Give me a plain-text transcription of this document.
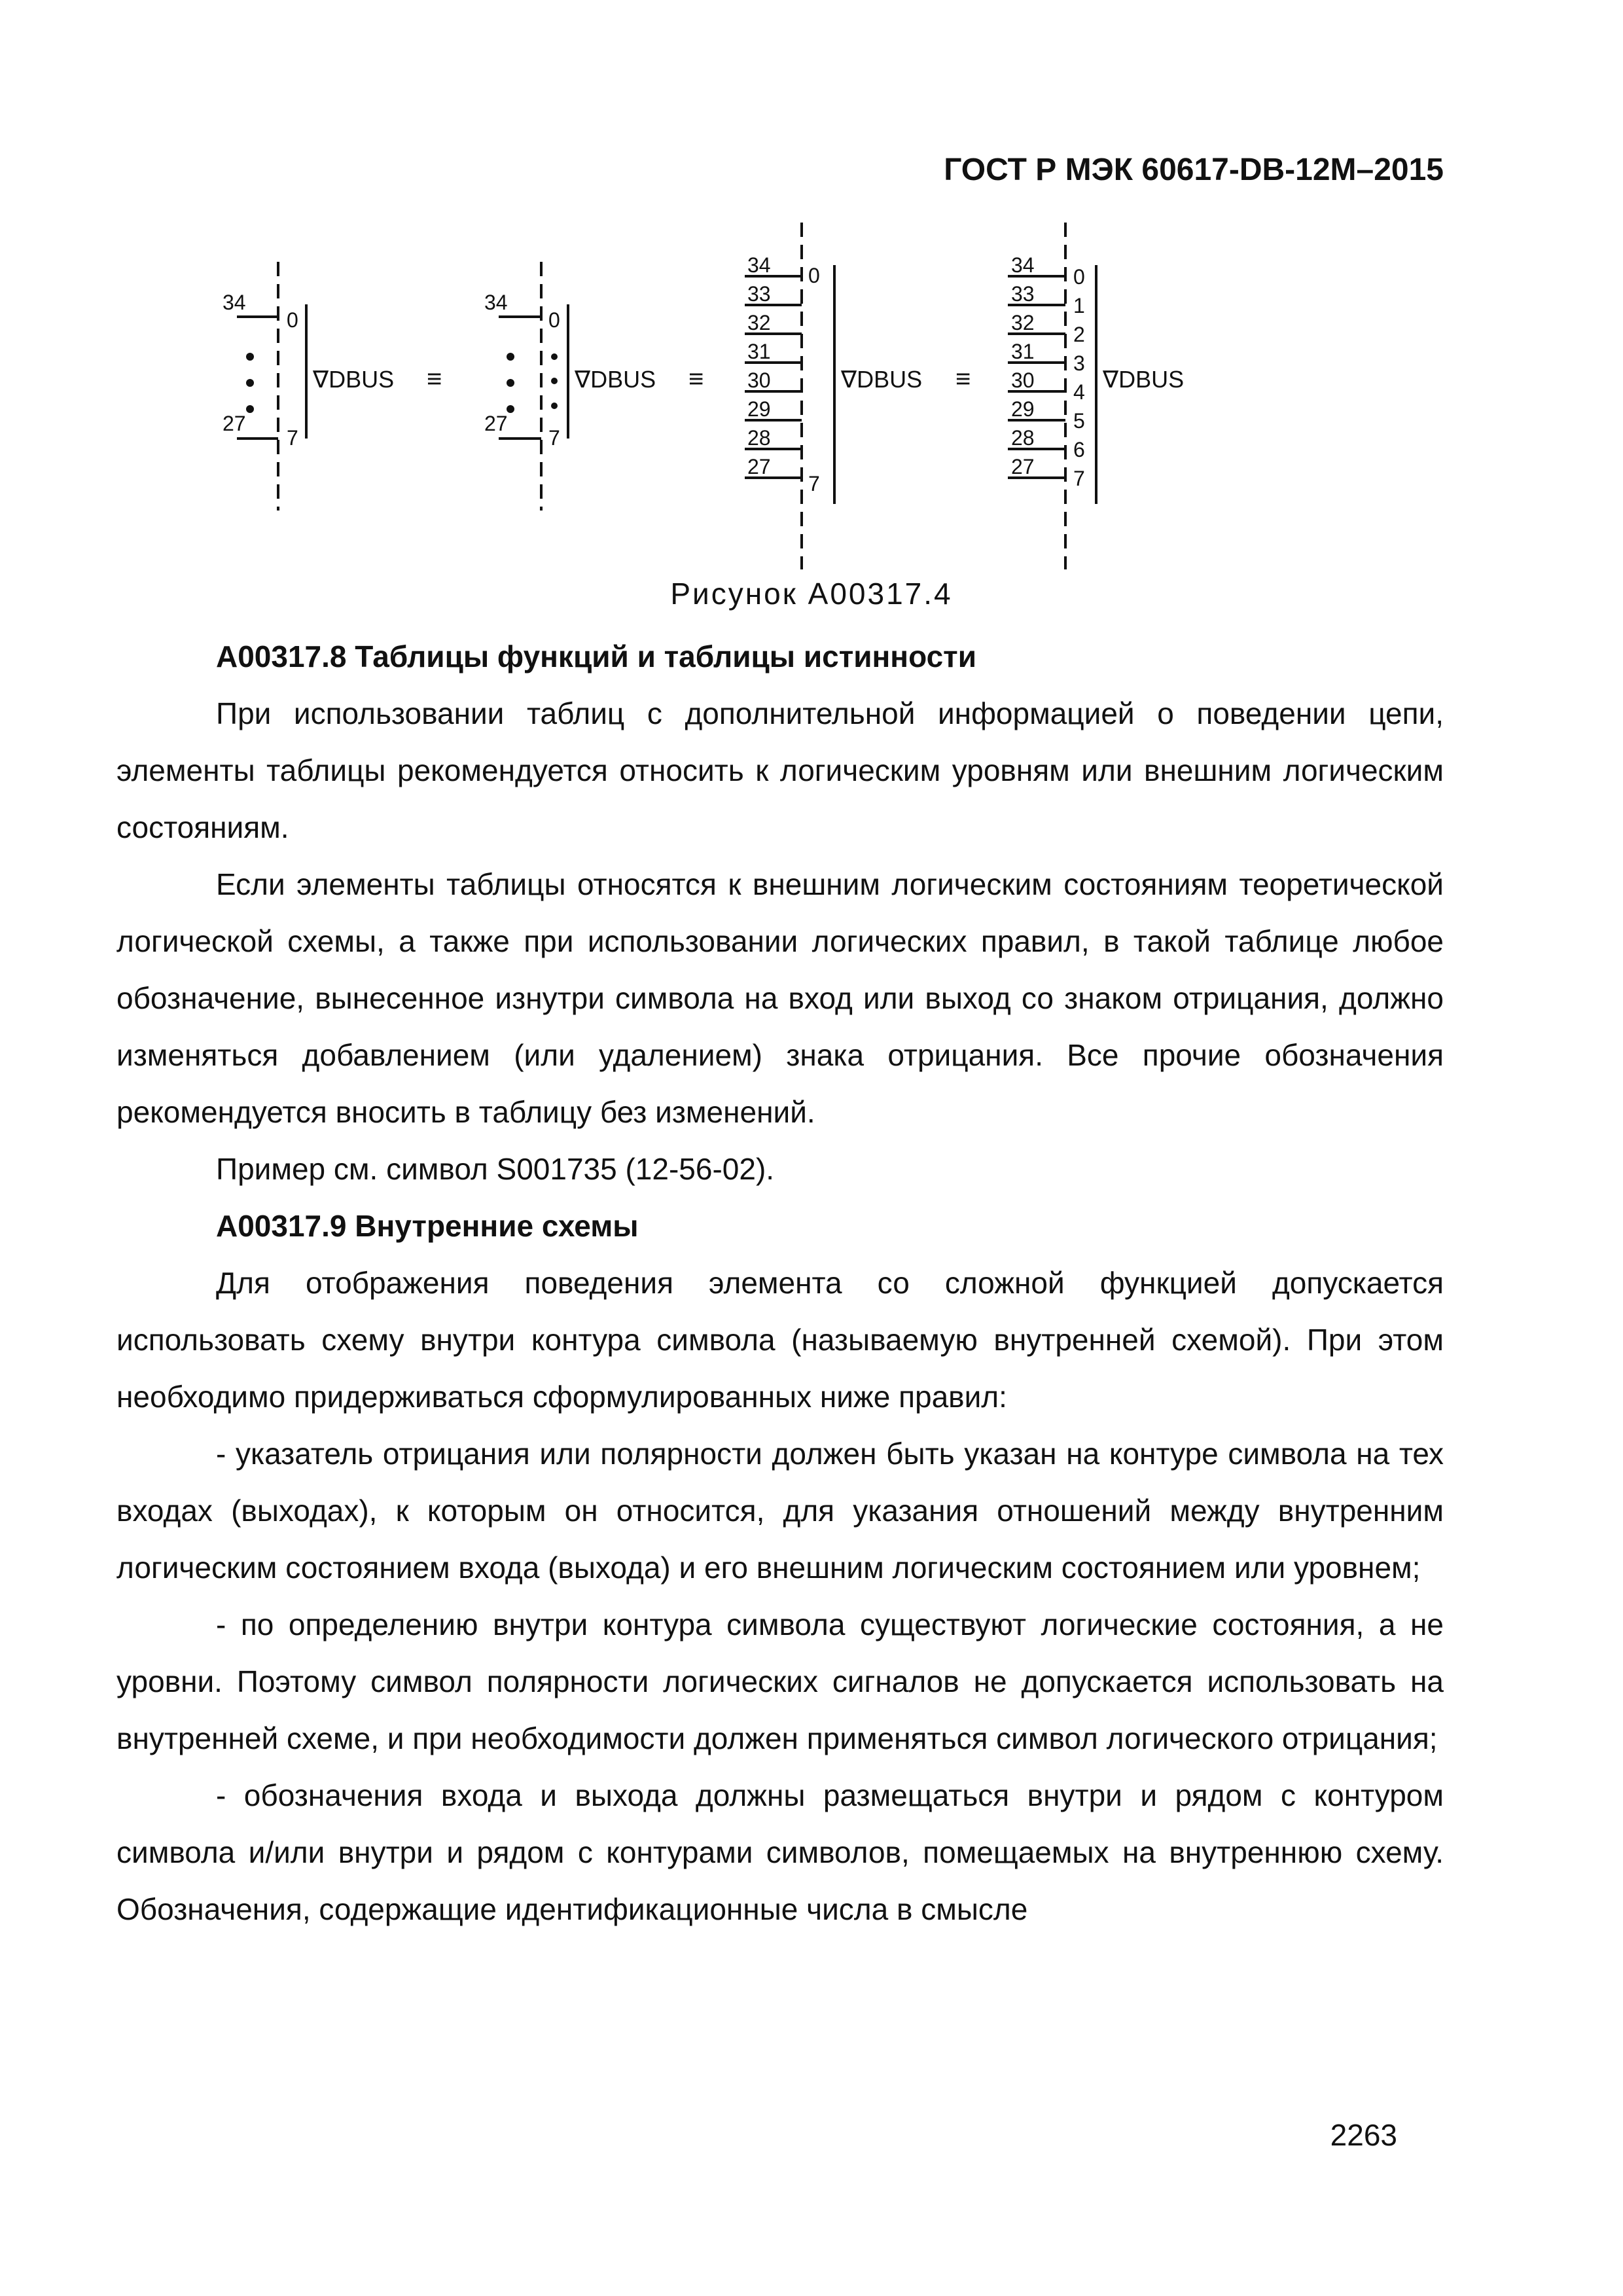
ГОСТ Р МЭК 60617-DB-12M–2015
34
27
0
7
∇DBUS ≡
34
27
0
7
∇DBUS ≡
34
33
32
31
30
29
28
27
0
7
∇DBUS ≡
34
33
32
31
30
29
28
27
0
1
2
3
4
5
6
7
∇DBUS
Рисунок А00317.4
А00317.8 Таблицы функций и таблицы истинности

При использовании таблиц с дополнительной информацией о поведении цепи, элементы таблицы рекомендуется относить к логическим уровням или внешним логическим состояниям.

Если элементы таблицы относятся к внешним логическим состояниям теоретической логической схемы, а также при использовании логических правил, в такой таблице любое обозначение, вынесенное изнутри символа на вход или выход со знаком отрицания, должно изменяться добавлением (или удалением) знака отрицания. Все прочие обозначения рекомендуется вносить в таблицу без изменений.

Пример см. символ S001735 (12-56-02).

А00317.9 Внутренние схемы

Для отображения поведения элемента со сложной функцией допускается использовать схему внутри контура символа (называемую внутренней схемой). При этом необходимо придерживаться сформулированных ниже правил:

- указатель отрицания или полярности должен быть указан на контуре символа на тех входах (выходах), к которым он относится, для указания отношений между внутренним логическим состоянием входа (выхода) и его внешним логическим состоянием или уровнем;

- по определению внутри контура символа существуют логические состояния, а не уровни. Поэтому символ полярности логических сигналов не допускается использовать на внутренней схеме, и при необходимости должен применяться символ логического отрицания;

- обозначения входа и выхода должны размещаться внутри и рядом с контуром символа и/или внутри и рядом с контурами символов, помещаемых на внутреннюю схему. Обозначения, содержащие идентификационные числа в смысле

2263
